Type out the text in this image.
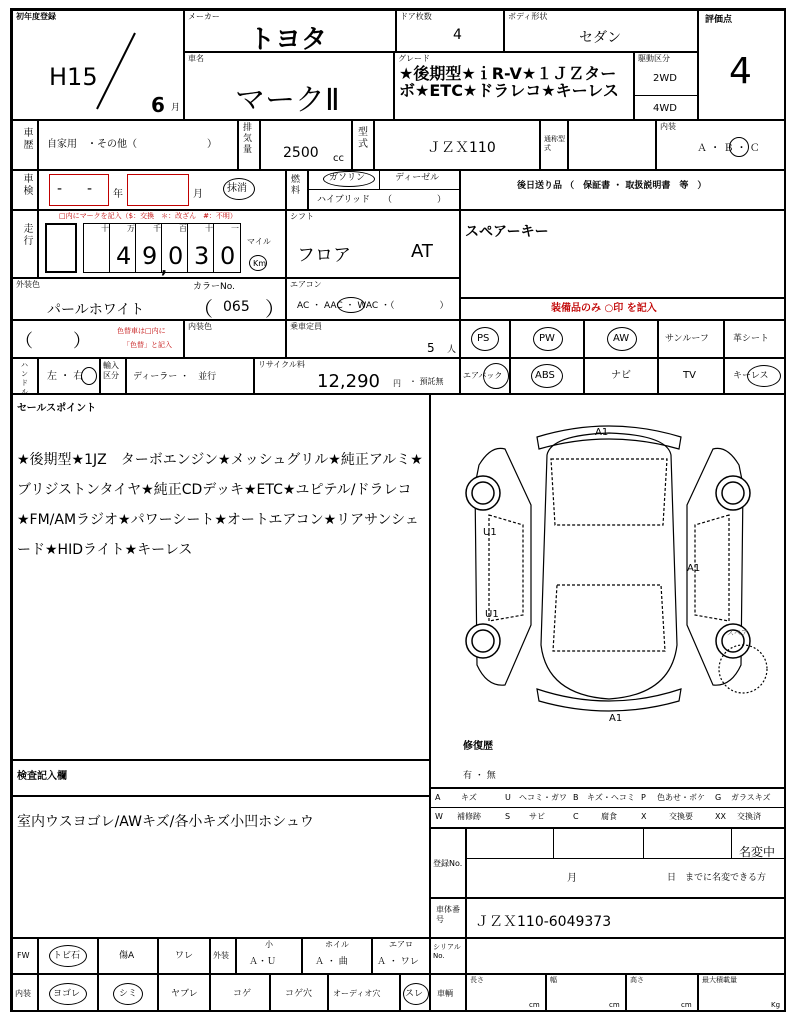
初年度登録
H15
6 月
メーカー
トヨタ
ドア枚数
4
ボディ形状
セダン
評価点
4
車名
マークⅡ
グレード
★後期型★ｉR-V★１ＪＺターボ★ETC★ドラレコ★キーレス
駆動区分
2WD
4WD
車歴 自家用　・その他（　　　　　　　）
排気量	2500 cc
型式	ＪＺＸ110
通称型式
内装
Ａ ・ Ｂ ・ Ｃ
車検 - - 年	月
抹消
燃料
ガソリン	ディーゼル
ハイブリッド （　　　　　）
後日送り品 （　保証書 ・ 取扱説明書　等　）
走行
□内にマークを記入（$：交換　＊：改ざん　#：不明）
十 万
4
千
9 ,
百
0
十
3
一
0
マイル
Km
シフト
フロア	AT
スペアーキー
外装色
パールホワイト
カラーNo.
（ 065 ）
エアコン
AC ・ AAC ・ WAC ・（　　　　　）	装備品のみ ○印 を記入
（ ）	色替車は□内に
「色替」と記入
内装色	乗車定員
5 人
PS	PW	AW	サンルーフ	革シート
ハンドル
左 ・ 右
輸入区分	ディーラー ・　並行
リサイクル料
12,290 円 ・ 預託無
エアバック	ABS	ナビ	TV	キーレス
セールスポイント
★後期型★1JZ　ターボエンジン★メッシュグリル★純正アルミ★ブリジストンタイヤ★純正CDデッキ★ETC★ユピテル/ドラレコ★FM/AMラジオ★パワーシート★オートエアコン★リアサンシェード★HIDライト★キーレス
A1
U1
A1
U1
A1
スペア
修復歴
有 ・ 無
検査記入欄
室内ウスヨゴレ/AWキズ/各小キズ小凹ホシュウ
A	キズ	U ヘコミ・ガワ B キズ・ヘコミ P 色あせ・ボケ G ガラスキズ
W 補修跡	S サビ	C	腐食	X	交換要	XX 交換済
登録No.
名変中
月	日　までに名変できる方
車体番号	ＪＺＸ110-6049373
FW	トビ石	傷A	ワレ 外装
小
Ａ・Ｕ
ホイル
Ａ ・ 曲
エアロ
Ａ ・ ワレ
シリアルNo.
内装 ヨゴレ	シミ	ヤブレ	コゲ	コゲ穴	オーディオ穴	スレ 車輌
長さ
cm
幅
cm
高さ
cm
最大積載量
Kg
